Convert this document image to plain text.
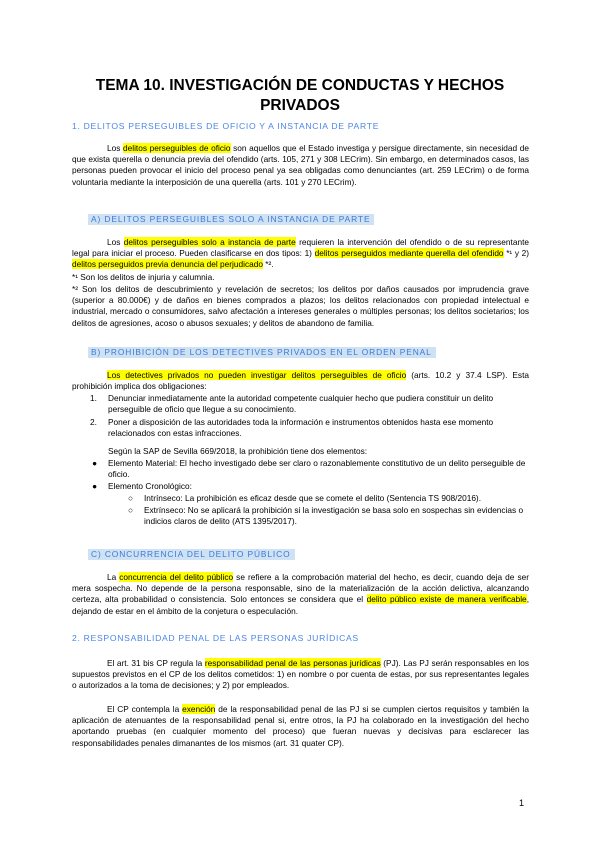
TEMA 10. INVESTIGACIÓN DE CONDUCTAS Y HECHOS PRIVADOS

1. DELITOS PERSEGUIBLES DE OFICIO Y A INSTANCIA DE PARTE

Los delitos perseguibles de oficio son aquellos que el Estado investiga y persigue directamente, sin necesidad de que exista querella o denuncia previa del ofendido (arts. 105, 271 y 308 LECrim). Sin embargo, en determinados casos, las personas pueden provocar el inicio del proceso penal ya sea obligadas como denunciantes (art. 259 LECrim) o de forma voluntaria mediante la interposición de una querella (arts. 101 y 270 LECrim).

A) DELITOS PERSEGUIBLES SOLO A INSTANCIA DE PARTE

Los delitos perseguibles solo a instancia de parte requieren la intervención del ofendido o de su representante legal para iniciar el proceso. Pueden clasificarse en dos tipos: 1) delitos perseguidos mediante querella del ofendido *¹ y 2) delitos perseguidos previa denuncia del perjudicado *².

*¹ Son los delitos de injuria y calumnia.

*² Son los delitos de descubrimiento y revelación de secretos; los delitos por daños causados por imprudencia grave (superior a 80.000€) y de daños en bienes comprados a plazos; los delitos relacionados con propiedad intelectual e industrial, mercado o consumidores, salvo afectación a intereses generales o múltiples personas; los delitos societarios; los delitos de agresiones, acoso o abusos sexuales; y delitos de abandono de familia.

B) PROHIBICIÓN DE LOS DETECTIVES PRIVADOS EN EL ORDEN PENAL

Los detectives privados no pueden investigar delitos perseguibles de oficio (arts. 10.2 y 37.4 LSP). Esta prohibición implica dos obligaciones:

1. Denunciar inmediatamente ante la autoridad competente cualquier hecho que pudiera constituir un delito perseguible de oficio que llegue a su conocimiento.

2. Poner a disposición de las autoridades toda la información e instrumentos obtenidos hasta ese momento relacionados con estas infracciones.

Según la SAP de Sevilla 669/2018, la prohibición tiene dos elementos:

● Elemento Material: El hecho investigado debe ser claro o razonablemente constitutivo de un delito perseguible de oficio.

● Elemento Cronológico:

○ Intrínseco: La prohibición es eficaz desde que se comete el delito (Sentencia TS 908/2016).

○ Extrínseco: No se aplicará la prohibición si la investigación se basa solo en sospechas sin evidencias o indicios claros de delito (ATS 1395/2017).

C) CONCURRENCIA DEL DELITO PÚBLICO

La concurrencia del delito público se refiere a la comprobación material del hecho, es decir, cuando deja de ser mera sospecha. No depende de la persona responsable, sino de la materialización de la acción delictiva, alcanzando certeza, alta probabilidad o consistencia. Solo entonces se considera que el delito público existe de manera verificable, dejando de estar en el ámbito de la conjetura o especulación.

2. RESPONSABILIDAD PENAL DE LAS PERSONAS JURÍDICAS

El art. 31 bis CP regula la responsabilidad penal de las personas jurídicas (PJ). Las PJ serán responsables en los supuestos previstos en el CP de los delitos cometidos: 1) en nombre o por cuenta de estas, por sus representantes legales o autorizados a la toma de decisiones; y 2) por empleados.

El CP contempla la exención de la responsabilidad penal de las PJ si se cumplen ciertos requisitos y también la aplicación de atenuantes de la responsabilidad penal si, entre otros, la PJ ha colaborado en la investigación del hecho aportando pruebas (en cualquier momento del proceso) que fueran nuevas y decisivas para esclarecer las responsabilidades penales dimanantes de los mismos (art. 31 quater CP).

1
